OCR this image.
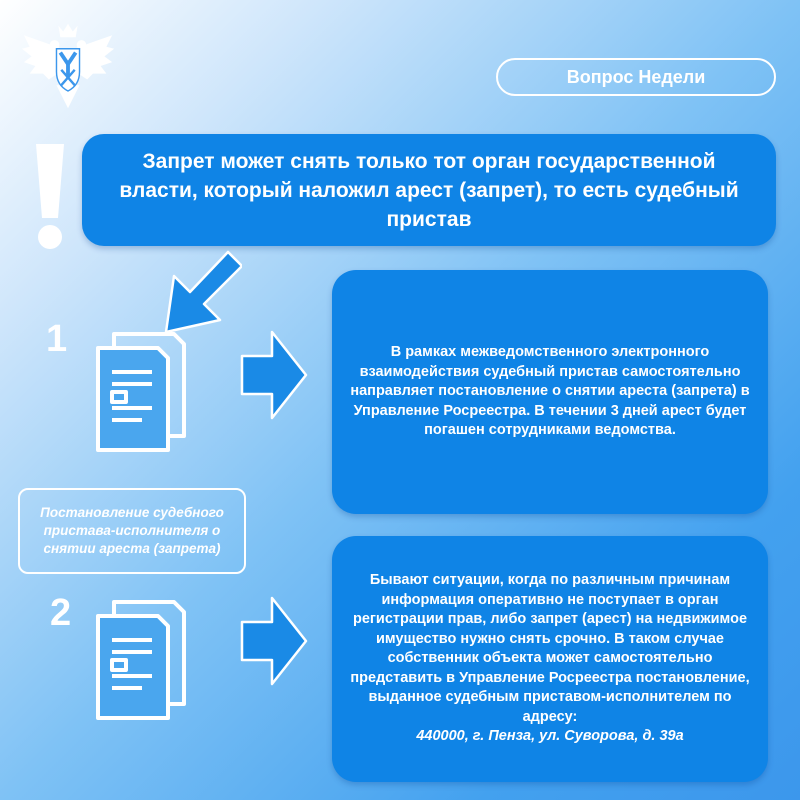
Вопрос Недели
Запрет может снять только тот орган государственной власти, который наложил арест (запрет), то есть судебный пристав
1	В рамках межведомственного электронного взаимодействия судебный пристав самостоятельно направляет постановление о снятии ареста (запрета) в Управление Росреестра. В течении 3 дней арест будет погашен сотрудниками ведомства.
Постановление судебного пристава-исполнителя о снятии ареста (запрета)
2
Бывают ситуации, когда по различным причинам информация оперативно не поступает в орган регистрации прав, либо запрет (арест) на недвижимое имущество нужно снять срочно. В таком случае собственник объекта может самостоятельно представить в Управление Росреестра постановление, выданное судебным приставом-исполнителем по адресу:
440000, г. Пенза, ул. Суворова, д. 39а
